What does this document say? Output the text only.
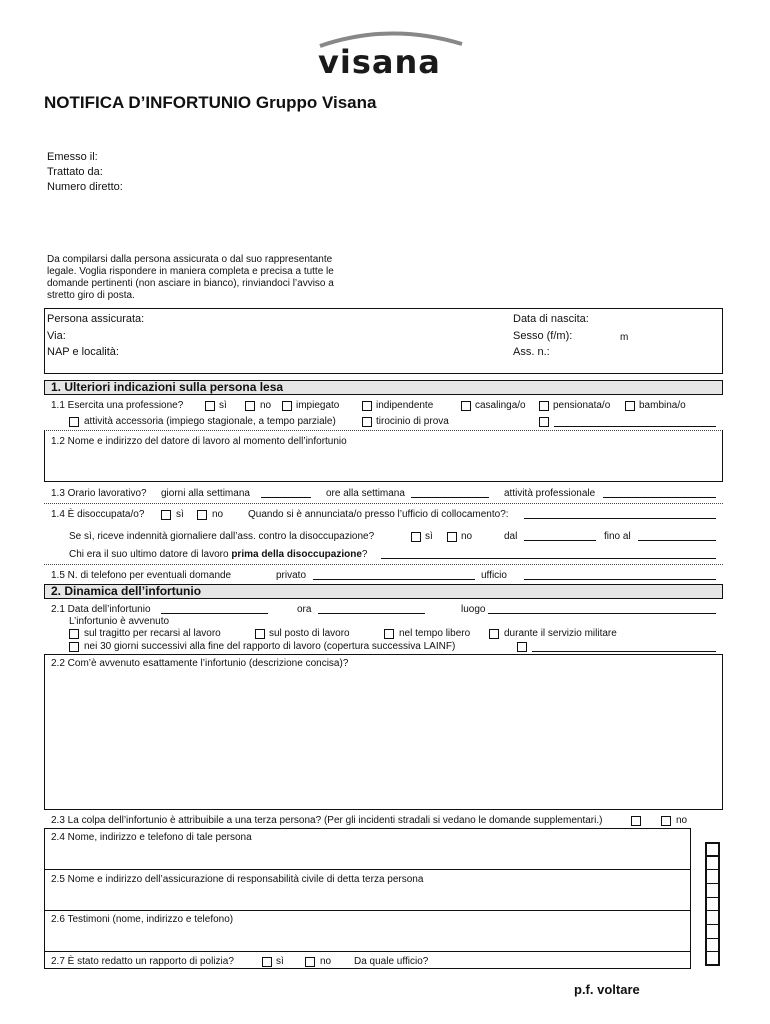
visana
NOTIFICA D’INFORTUNIO Gruppo Visana
Emesso il:
Trattato da:
Numero diretto:
Da compilarsi dalla persona assicurata o dal suo rappresentante
legale. Voglia rispondere in maniera completa e precisa a tutte le
domande pertinenti (non asciare in bianco), rinviandoci l’avviso a
stretto giro di posta.
Persona assicurata:
Via:
NAP e località:
Data di nascita:
Sesso (f/m):	m
Ass. n.:
1. Ulteriori indicazioni sulla persona lesa
1.1 Esercita una professione?	sì	no impiegato	indipendente	casalinga/o	pensionata/o	bambina/o
attività accessoria (impiego stagionale, a tempo parziale)	tirocinio di prova
1.2 Nome e indirizzo del datore di lavoro al momento dell’infortunio
1.3 Orario lavorativo? giorni alla settimana	ore alla settimana	attività professionale
1.4 È disoccupata/o?	sì	no Quando si è annunciata/o presso l’ufficio di collocamento?:
Se sì, riceve indennità giornaliere dall’ass. contro la disoccupazione?	sì	no	dal	fino al
Chi era il suo ultimo datore di lavoro prima della disoccupazione?
1.5 N. di telefono per eventuali domande	privato	ufficio
2. Dinamica dell’infortunio
2.1 Data dell’infortunio	ora	luogo
L’infortunio è avvenuto
sul tragitto per recarsi al lavoro	sul posto di lavoro	nel tempo libero	durante il servizio militare
nei 30 giorni successivi alla fine del rapporto di lavoro (copertura successiva LAINF)
2.2 Com’è avvenuto esattamente l’infortunio (descrizione concisa)?
2.3 La colpa dell’infortunio è attribuibile a una terza persona? (Per gli incidenti stradali si vedano le domande supplementari.)	no
2.4 Nome, indirizzo e telefono di tale persona
2.5 Nome e indirizzo dell’assicurazione di responsabilità civile di detta terza persona
2.6 Testimoni (nome, indirizzo e telefono)
2.7 È stato redatto un rapporto di polizia?	sì	no Da quale ufficio?
p.f. voltare
